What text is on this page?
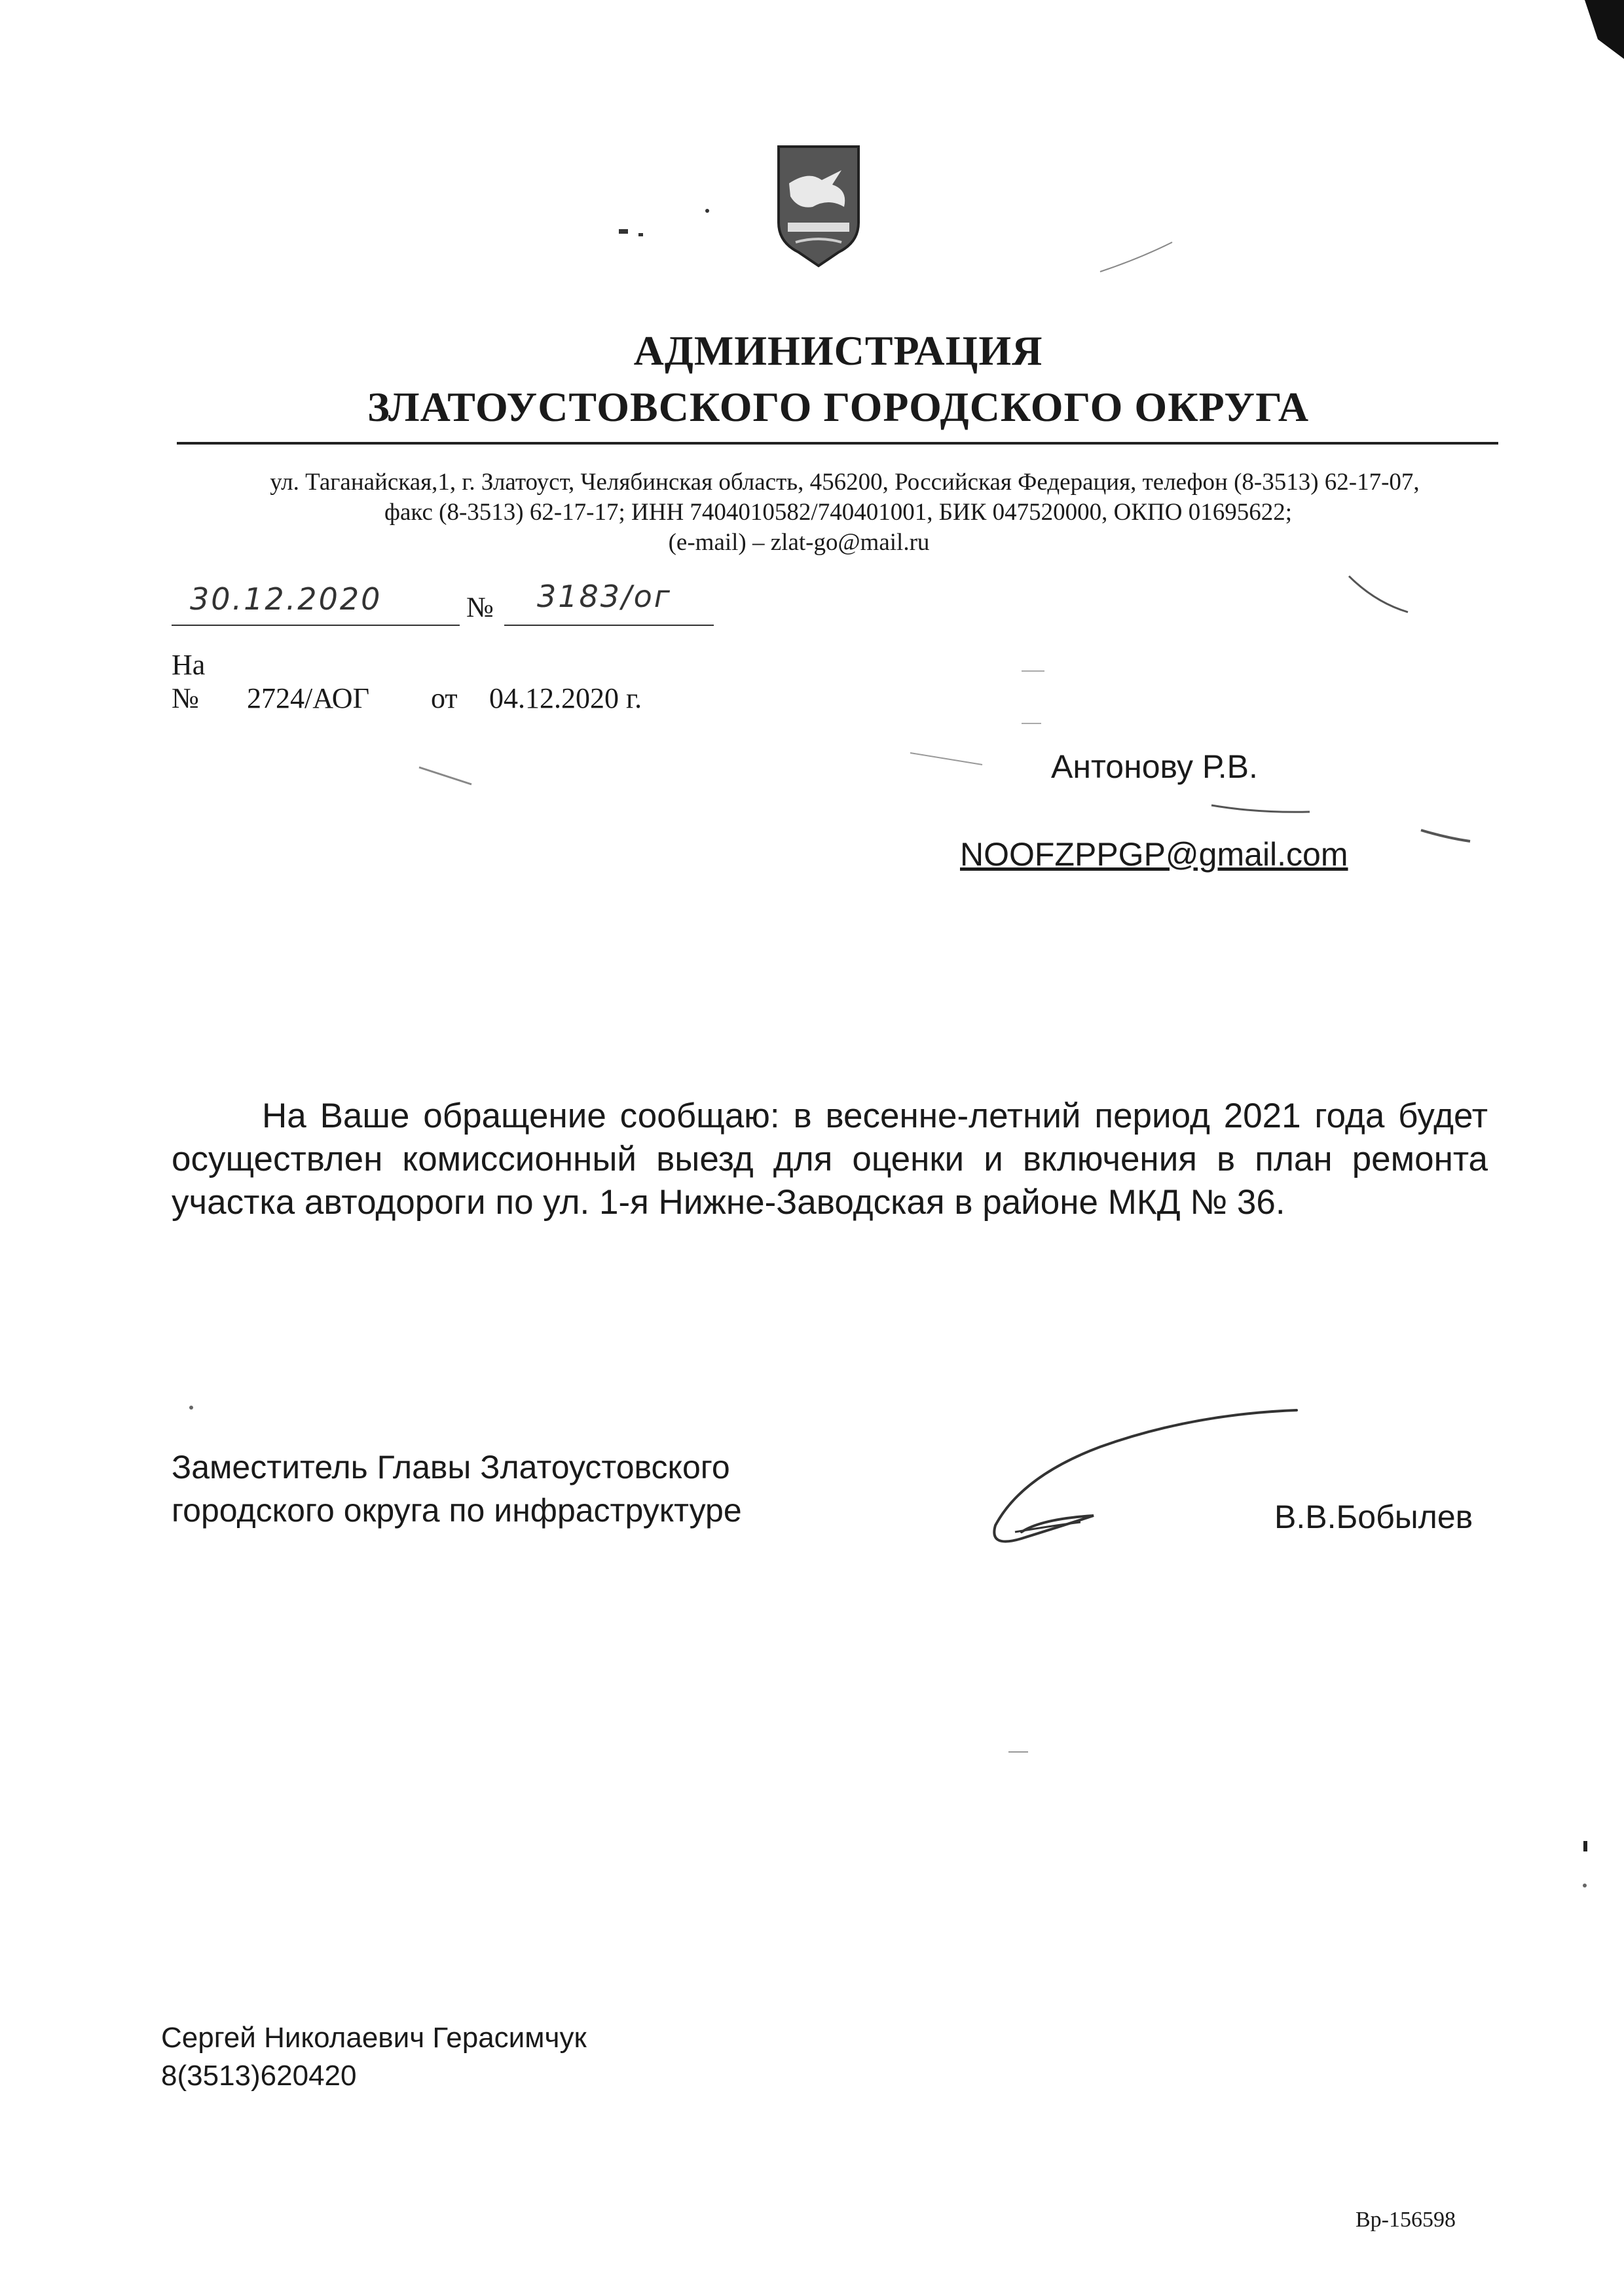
АДМИНИСТРАЦИЯ
ЗЛАТОУСТОВСКОГО ГОРОДСКОГО ОКРУГА
ул. Таганайская,1, г. Златоуст, Челябинская область, 456200, Российская Федерация, телефон (8-3513) 62-17-07,
факс (8-3513) 62-17-17; ИНН 7404010582/740401001, БИК 047520000, ОКПО 01695622;
(e-mail) – zlat-go@mail.ru
30.12.2020	№ 3183/ог
На № 2724/АОГ от 04.12.2020 г.
Антонову Р.В.
NOOFZPPGP@gmail.com
На Ваше обращение сообщаю: в весенне-летний период 2021 года будет осуществлен комиссионный выезд для оценки и включения в план ремонта участка автодороги по ул. 1-я Нижне-Заводская в районе МКД № 36.
Заместитель Главы Златоустовского
городского округа по инфраструктуре	В.В.Бобылев
Сергей Николаевич Герасимчук
8(3513)620420
Вр-156598
